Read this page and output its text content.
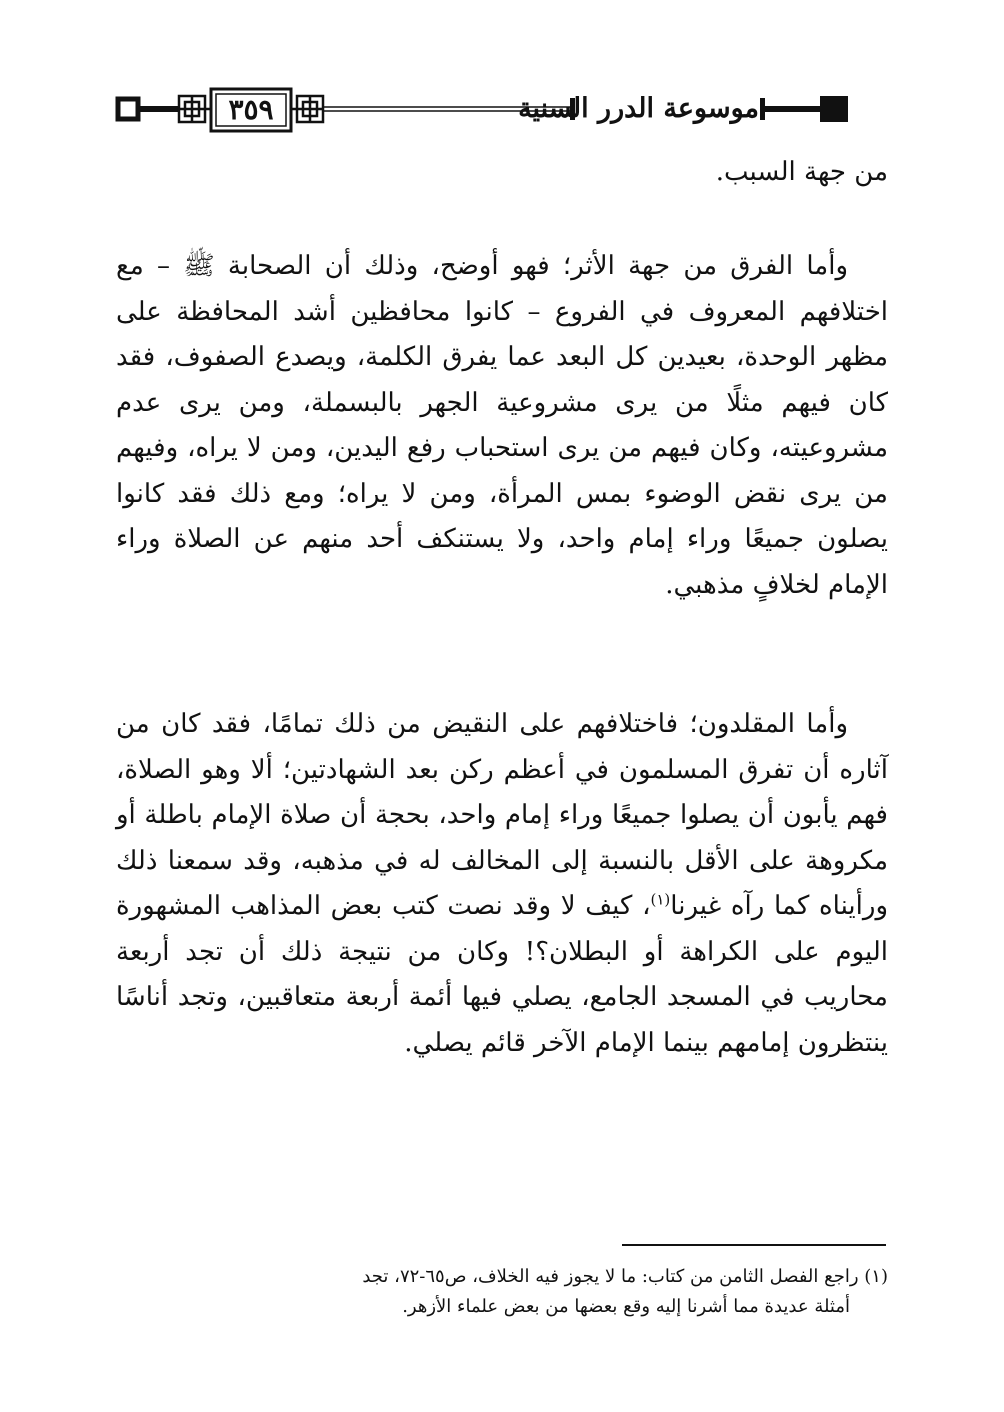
٣٥٩	موسوعة الدرر السنية

من جهة السبب.

وأما الفرق من جهة الأثر؛ فهو أوضح، وذلك أن الصحابة ﷺ – مع اختلافهم المعروف في الفروع – كانوا محافظين أشد المحافظة على مظهر الوحدة، بعيدين كل البعد عما يفرق الكلمة، ويصدع الصفوف، فقد كان فيهم مثلًا من يرى مشروعية الجهر بالبسملة، ومن يرى عدم مشروعيته، وكان فيهم من يرى استحباب رفع اليدين، ومن لا يراه، وفيهم من يرى نقض الوضوء بمس المرأة، ومن لا يراه؛ ومع ذلك فقد كانوا يصلون جميعًا وراء إمام واحد، ولا يستنكف أحد منهم عن الصلاة وراء الإمام لخلافٍ مذهبي.

وأما المقلدون؛ فاختلافهم على النقيض من ذلك تمامًا، فقد كان من آثاره أن تفرق المسلمون في أعظم ركن بعد الشهادتين؛ ألا وهو الصلاة، فهم يأبون أن يصلوا جميعًا وراء إمام واحد، بحجة أن صلاة الإمام باطلة أو مكروهة على الأقل بالنسبة إلى المخالف له في مذهبه، وقد سمعنا ذلك ورأيناه كما رآه غيرنا$^{(١)}$، كيف لا وقد نصت كتب بعض المذاهب المشهورة اليوم على الكراهة أو البطلان؟! وكان من نتيجة ذلك أن تجد أربعة محاريب في المسجد الجامع، يصلي فيها أئمة أربعة متعاقبين، وتجد أناسًا ينتظرون إمامهم بينما الإمام الآخر قائم يصلي.

(١) راجع الفصل الثامن من كتاب: ما لا يجوز فيه الخلاف، ص٦٥-٧٢، تجد

أمثلة عديدة مما أشرنا إليه وقع بعضها من بعض علماء الأزهر.
